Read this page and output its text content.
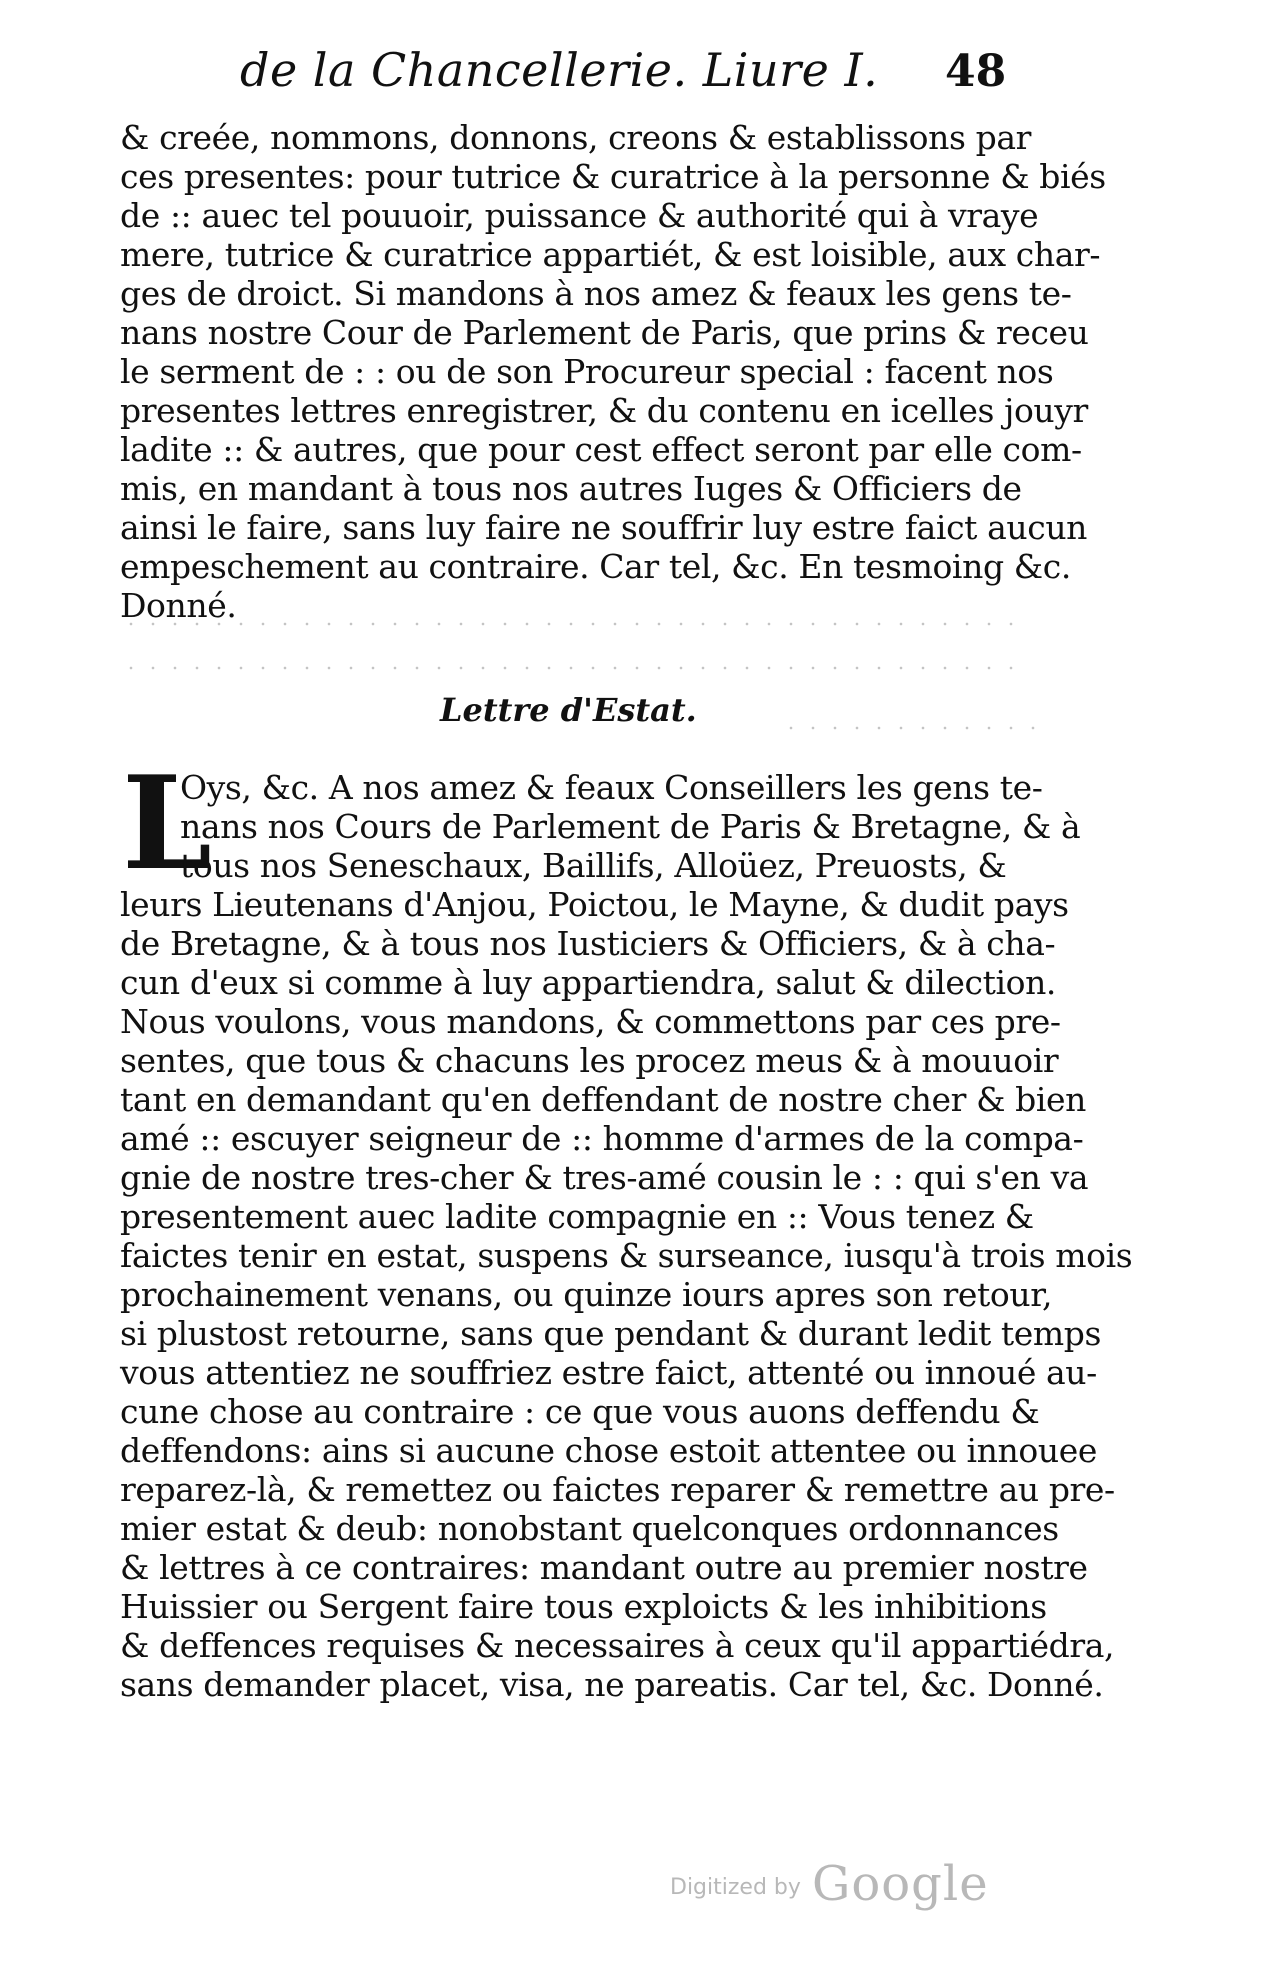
de la Chancellerie. Liure I. 48
& creée, nommons, donnons, creons & establissons par
ces presentes: pour tutrice & curatrice à la personne & biés
de :: auec tel pouuoir, puissance & authorité qui à vraye
mere, tutrice & curatrice appartiét, & est loisible, aux char-
ges de droict. Si mandons à nos amez & feaux les gens te-
nans nostre Cour de Parlement de Paris, que prins & receu
le serment de : : ou de son Procureur special : facent nos
presentes lettres enregistrer, & du contenu en icelles jouyr
ladite :: & autres, que pour cest effect seront par elle com-
mis, en mandant à tous nos autres Iuges & Officiers de
ainsi le faire, sans luy faire ne souffrir luy estre faict aucun
empeschement au contraire. Car tel, &c. En tesmoing &c.
Donné.
Lettre d'Estat.
L
Oys, &c. A nos amez & feaux Conseillers les gens te-
nans nos Cours de Parlement de Paris & Bretagne, & à
tous nos Seneschaux, Baillifs, Alloüez, Preuosts, &
leurs Lieutenans d'Anjou, Poictou, le Mayne, & dudit pays
de Bretagne, & à tous nos Iusticiers & Officiers, & à cha-
cun d'eux si comme à luy appartiendra, salut & dilection.
Nous voulons, vous mandons, & commettons par ces pre-
sentes, que tous & chacuns les procez meus & à mouuoir
tant en demandant qu'en deffendant de nostre cher & bien
amé :: escuyer seigneur de :: homme d'armes de la compa-
gnie de nostre tres-cher & tres-amé cousin le : : qui s'en va
presentement auec ladite compagnie en :: Vous tenez &
faictes tenir en estat, suspens & surseance, iusqu'à trois mois
prochainement venans, ou quinze iours apres son retour,
si plustost retourne, sans que pendant & durant ledit temps
vous attentiez ne souffriez estre faict, attenté ou innoué au-
cune chose au contraire : ce que vous auons deffendu &
deffendons: ains si aucune chose estoit attentee ou innouee
reparez-là, & remettez ou faictes reparer & remettre au pre-
mier estat & deub: nonobstant quelconques ordonnances
& lettres à ce contraires: mandant outre au premier nostre
Huissier ou Sergent faire tous exploicts & les inhibitions
& deffences requises & necessaires à ceux qu'il appartiédra,
sans demander placet, visa, ne pareatis. Car tel, &c. Donné.
Digitized by Google
